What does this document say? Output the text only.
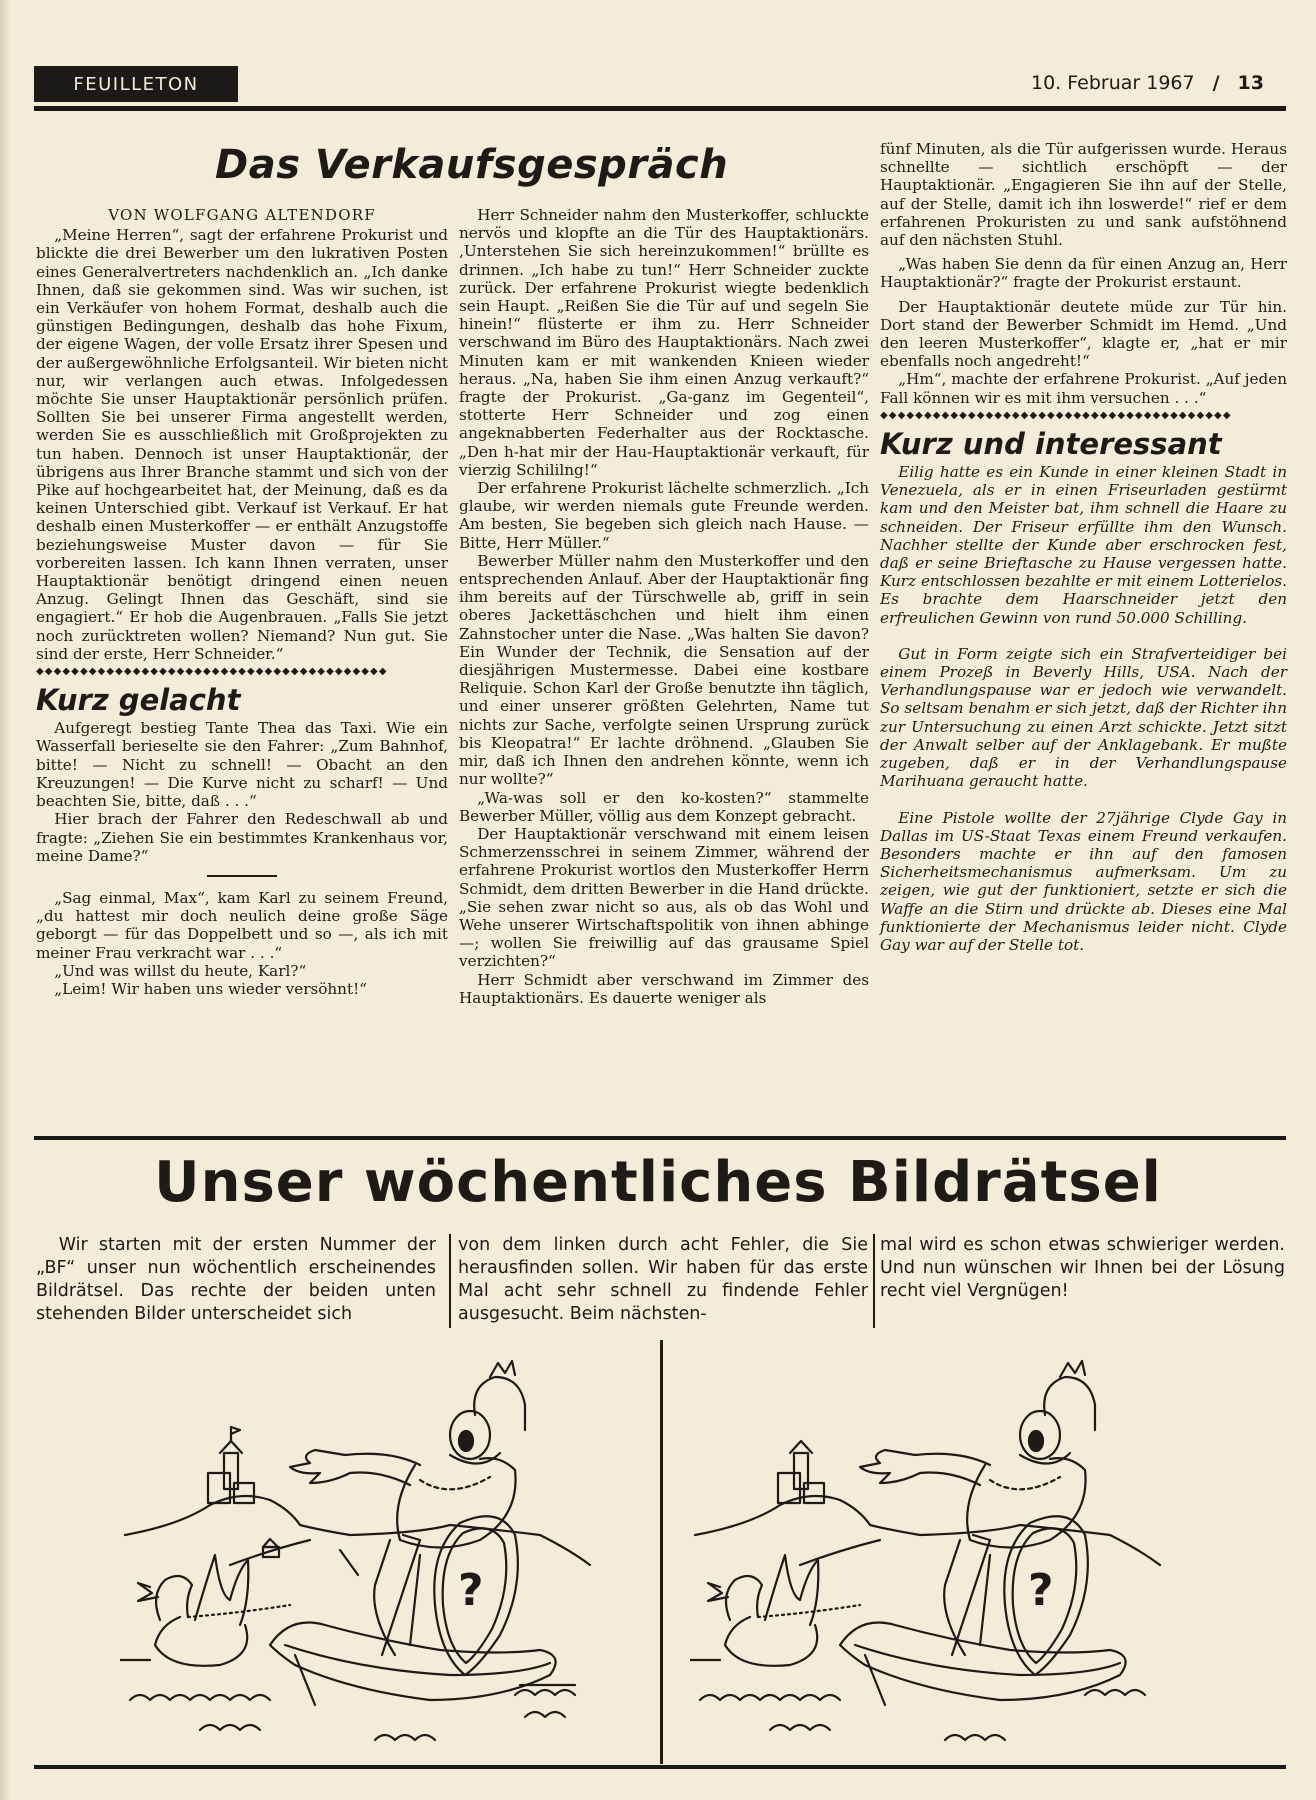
FEUILLETON	10. Februar 1967 / 13
Das Verkaufsgespräch

VON WOLFGANG ALTENDORF

„Meine Herren“, sagt der erfahrene Prokurist und blickte die drei Bewerber um den lukrativen Posten eines Generalvertreters nachdenklich an. „Ich danke Ihnen, daß sie gekommen sind. Was wir suchen, ist ein Verkäufer von hohem Format, deshalb auch die günstigen Bedingungen, deshalb das hohe Fixum, der eigene Wagen, der volle Ersatz ihrer Spesen und der außergewöhnliche Erfolgsanteil. Wir bieten nicht nur, wir verlangen auch etwas. Infolgedessen möchte Sie unser Hauptaktionär persönlich prüfen. Sollten Sie bei unserer Firma angestellt werden, werden Sie es ausschließlich mit Großprojekten zu tun haben. Dennoch ist unser Hauptaktionär, der übrigens aus Ihrer Branche stammt und sich von der Pike auf hochgearbeitet hat, der Meinung, daß es da keinen Unterschied gibt. Verkauf ist Verkauf. Er hat deshalb einen Musterkoffer — er enthält Anzugstoffe beziehungsweise Muster davon — für Sie vorbereiten lassen. Ich kann Ihnen verraten, unser Hauptaktionär benötigt dringend einen neuen Anzug. Gelingt Ihnen das Geschäft, sind sie engagiert.“ Er hob die Augenbrauen. „Falls Sie jetzt noch zurücktreten wollen? Niemand? Nun gut. Sie sind der erste, Herr Schneider.“

◆◆◆◆◆◆◆◆◆◆◆◆◆◆◆◆◆◆◆◆◆◆◆◆◆◆◆◆◆◆◆◆◆◆◆◆◆◆◆◆

Kurz gelacht

Aufgeregt bestieg Tante Thea das Taxi. Wie ein Wasserfall berieselte sie den Fahrer: „Zum Bahnhof, bitte! — Nicht zu schnell! — Obacht an den Kreuzungen! — Die Kurve nicht zu scharf! — Und beachten Sie, bitte, daß . . .“

Hier brach der Fahrer den Redeschwall ab und fragte: „Ziehen Sie ein bestimmtes Krankenhaus vor, meine Dame?“

„Sag einmal, Max“, kam Karl zu seinem Freund, „du hattest mir doch neulich deine große Säge geborgt — für das Doppelbett und so —, als ich mit meiner Frau verkracht war . . .“

„Und was willst du heute, Karl?“

„Leim! Wir haben uns wieder versöhnt!“

Herr Schneider nahm den Musterkoffer, schluckte nervös und klopfte an die Tür des Hauptaktionärs. ‚Unterstehen Sie sich hereinzukommen!“ brüllte es drinnen. „Ich habe zu tun!“ Herr Schneider zuckte zurück. Der erfahrene Prokurist wiegte bedenklich sein Haupt. „Reißen Sie die Tür auf und segeln Sie hinein!“ flüsterte er ihm zu. Herr Schneider verschwand im Büro des Hauptaktionärs. Nach zwei Minuten kam er mit wankenden Knieen wieder heraus. „Na, haben Sie ihm einen Anzug verkauft?“ fragte der Prokurist. „Ga-ganz im Gegenteil“, stotterte Herr Schneider und zog einen angeknabberten Federhalter aus der Rocktasche. „Den h-hat mir der Hau-Hauptaktionär verkauft, für vierzig Schililng!“

Der erfahrene Prokurist lächelte schmerzlich. „Ich glaube, wir werden niemals gute Freunde werden. Am besten, Sie begeben sich gleich nach Hause. — Bitte, Herr Müller.“

Bewerber Müller nahm den Musterkoffer und den entsprechenden Anlauf. Aber der Hauptaktionär fing ihm bereits auf der Türschwelle ab, griff in sein oberes Jackettäschchen und hielt ihm einen Zahnstocher unter die Nase. „Was halten Sie davon? Ein Wunder der Technik, die Sensation auf der diesjährigen Mustermesse. Dabei eine kostbare Reliquie. Schon Karl der Große benutzte ihn täglich, und einer unserer größten Gelehrten, Name tut nichts zur Sache, verfolgte seinen Ursprung zurück bis Kleopatra!“ Er lachte dröhnend. „Glauben Sie mir, daß ich Ihnen den andrehen könnte, wenn ich nur wollte?“

„Wa-was soll er den ko-kosten?“ stammelte Bewerber Müller, völlig aus dem Konzept gebracht.

Der Hauptaktionär verschwand mit einem leisen Schmerzensschrei in seinem Zimmer, während der erfahrene Prokurist wortlos den Musterkoffer Herrn Schmidt, dem dritten Bewerber in die Hand drückte. „Sie sehen zwar nicht so aus, als ob das Wohl und Wehe unserer Wirtschaftspolitik von ihnen abhinge —; wollen Sie freiwillig auf das grausame Spiel verzichten?“

Herr Schmidt aber verschwand im Zimmer des Hauptaktionärs. Es dauerte weniger als

fünf Minuten, als die Tür aufgerissen wurde. Heraus schnellte — sichtlich erschöpft — der Hauptaktionär. „Engagieren Sie ihn auf der Stelle, auf der Stelle, damit ich ihn loswerde!“ rief er dem erfahrenen Prokuristen zu und sank aufstöhnend auf den nächsten Stuhl.

„Was haben Sie denn da für einen Anzug an, Herr Hauptaktionär?“ fragte der Prokurist erstaunt.

Der Hauptaktionär deutete müde zur Tür hin. Dort stand der Bewerber Schmidt im Hemd. „Und den leeren Musterkoffer“, klagte er, „hat er mir ebenfalls noch angedreht!“

„Hm“, machte der erfahrene Prokurist. „Auf jeden Fall können wir es mit ihm versuchen . . .“

◆◆◆◆◆◆◆◆◆◆◆◆◆◆◆◆◆◆◆◆◆◆◆◆◆◆◆◆◆◆◆◆◆◆◆◆◆◆◆◆

Kurz und interessant

Eilig hatte es ein Kunde in einer kleinen Stadt in Venezuela, als er in einen Friseurladen gestürmt kam und den Meister bat, ihm schnell die Haare zu schneiden. Der Friseur erfüllte ihm den Wunsch. Nachher stellte der Kunde aber erschrocken fest, daß er seine Brieftasche zu Hause vergessen hatte. Kurz entschlossen bezahlte er mit einem Lotterielos. Es brachte dem Haarschneider jetzt den erfreulichen Gewinn von rund 50.000 Schilling.

Gut in Form zeigte sich ein Strafverteidiger bei einem Prozeß in Beverly Hills, USA. Nach der Verhandlungspause war er jedoch wie verwandelt. So seltsam benahm er sich jetzt, daß der Richter ihn zur Untersuchung zu einen Arzt schickte. Jetzt sitzt der Anwalt selber auf der Anklagebank. Er mußte zugeben, daß er in der Verhandlungspause Marihuana geraucht hatte.

Eine Pistole wollte der 27jährige Clyde Gay in Dallas im US-Staat Texas einem Freund verkaufen. Besonders machte er ihn auf den famosen Sicherheitsmechanismus aufmerksam. Um zu zeigen, wie gut der funktioniert, setzte er sich die Waffe an die Stirn und drückte ab. Dieses eine Mal funktionierte der Mechanismus leider nicht. Clyde Gay war auf der Stelle tot.

Unser wöchentliches Bildrätsel

Wir starten mit der ersten Nummer der „BF“ unser nun wöchentlich erscheinendes Bildrätsel. Das rechte der beiden unten stehenden Bilder unterscheidet sich

von dem linken durch acht Fehler, die Sie herausfinden sollen. Wir haben für das erste Mal acht sehr schnell zu findende Fehler ausgesucht. Beim nächsten-

mal wird es schon etwas schwieriger werden. Und nun wünschen wir Ihnen bei der Lösung recht viel Vergnügen!

?	?
